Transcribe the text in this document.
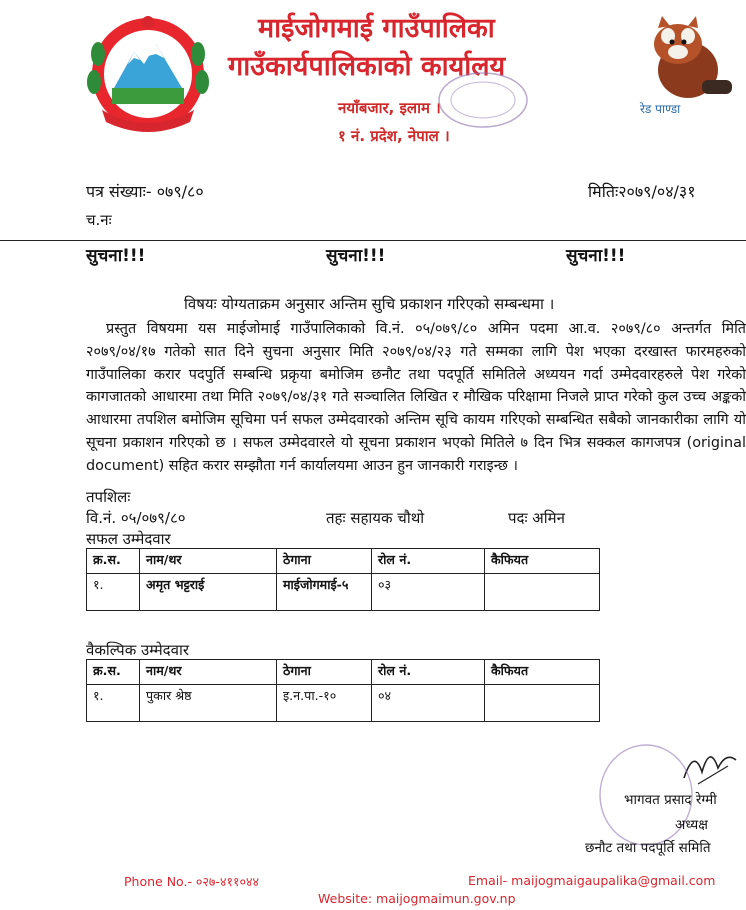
रेड पाण्डा
माईजोगमाई गाउँपालिका
गाउँकार्यपालिकाको कार्यालय
नयाँबजार, इलाम ।
१ नं. प्रदेश, नेपाल ।
पत्र संख्याः- ०७९/८०	मितिः२०७९/०४/३१
च.नः
सुचना!!!	सुचना!!!	सुचना!!!
विषयः योग्यताक्रम अनुसार अन्तिम सुचि प्रकाशन गरिएको सम्बन्धमा ।
प्रस्तुत विषयमा यस माईजोमाई गाउँपालिकाको वि.नं. ०५/०७९/८० अमिन पदमा आ.व. २०७९/८० अन्तर्गत मिति २०७९/०४/१७ गतेको सात दिने सुचना अनुसार मिति २०७९/०४/२३ गते सम्मका लागि पेश भएका दरखास्त फारमहरुको गाउँपालिका करार पदपुर्ति सम्बन्धि प्रक्रृया बमोजिम छनौट तथा पदपूर्ति समितिले अध्ययन गर्दा उम्मेदवारहरुले पेश गरेको कागजातको आधारमा तथा मिति २०७९/०४/३१ गते सञ्चालित लिखित र मौखिक परिक्षामा निजले प्राप्त गरेको कुल उच्च अङ्कको आधारमा तपशिल बमोजिम सूचिमा पर्न सफल उम्मेदवारको अन्तिम सूचि कायम गरिएको सम्बन्धित सबैको जानकारीका लागि यो सूचना प्रकाशन गरिएको छ । सफल उम्मेदवारले यो सूचना प्रकाशन भएको मितिले ७ दिन भित्र सक्कल कागजपत्र (original document) सहित करार सम्झौता गर्न कार्यालयमा आउन हुन जानकारी गराइन्छ ।
तपशिलः
वि.नं. ०५/०७९/८०	तहः सहायक चौथो	पदः अमिन
सफल उम्मेदवार
क्र.स.	नाम/थर	ठेगाना	रोल नं.	कैफियत
१.	अमृत भट्टराई	माईजोगमाई-५	०३	
वैकल्पिक उम्मेदवार
क्र.स.	नाम/थर	ठेगाना	रोल नं.	कैफियत
१.	पुकार श्रेष्ठ	इ.न.पा.-१०	०४	
भागवत प्रसाद रेग्मी
अध्यक्ष
छनौट तथा पदपूर्ति समिति
Phone No.- ०२७-४११०४४	Email- maijogmaigaupalika@gmail.com
Website: maijogmaimun.gov.np
